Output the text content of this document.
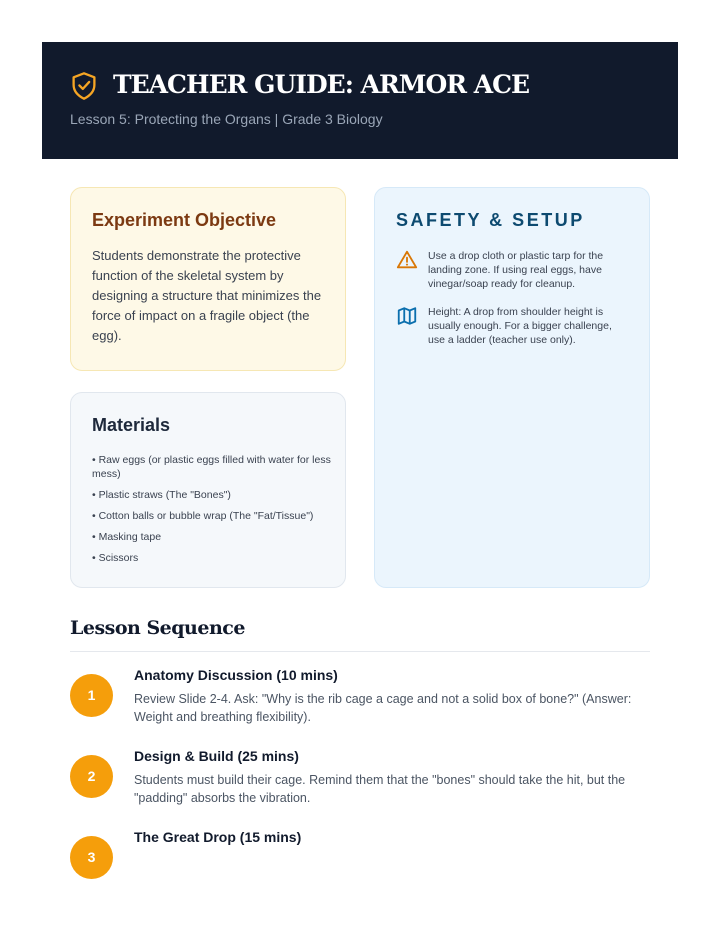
TEACHER GUIDE: ARMOR ACE
Lesson 5: Protecting the Organs | Grade 3 Biology
Experiment Objective
Students demonstrate the protective function of the skeletal system by designing a structure that minimizes the force of impact on a fragile object (the egg).
Materials
• Raw eggs (or plastic eggs filled with water for less mess)
• Plastic straws (The "Bones")
• Cotton balls or bubble wrap (The "Fat/Tissue")
• Masking tape
• Scissors
SAFETY & SETUP
Use a drop cloth or plastic tarp for the landing zone. If using real eggs, have vinegar/soap ready for cleanup.
Height: A drop from shoulder height is usually enough. For a bigger challenge, use a ladder (teacher use only).
Lesson Sequence
1
Anatomy Discussion (10 mins)
Review Slide 2-4. Ask: "Why is the rib cage a cage and not a solid box of bone?" (Answer: Weight and breathing flexibility).
2
Design & Build (25 mins)
Students must build their cage. Remind them that the "bones" should take the hit, but the "padding" absorbs the vibration.
3
The Great Drop (15 mins)
